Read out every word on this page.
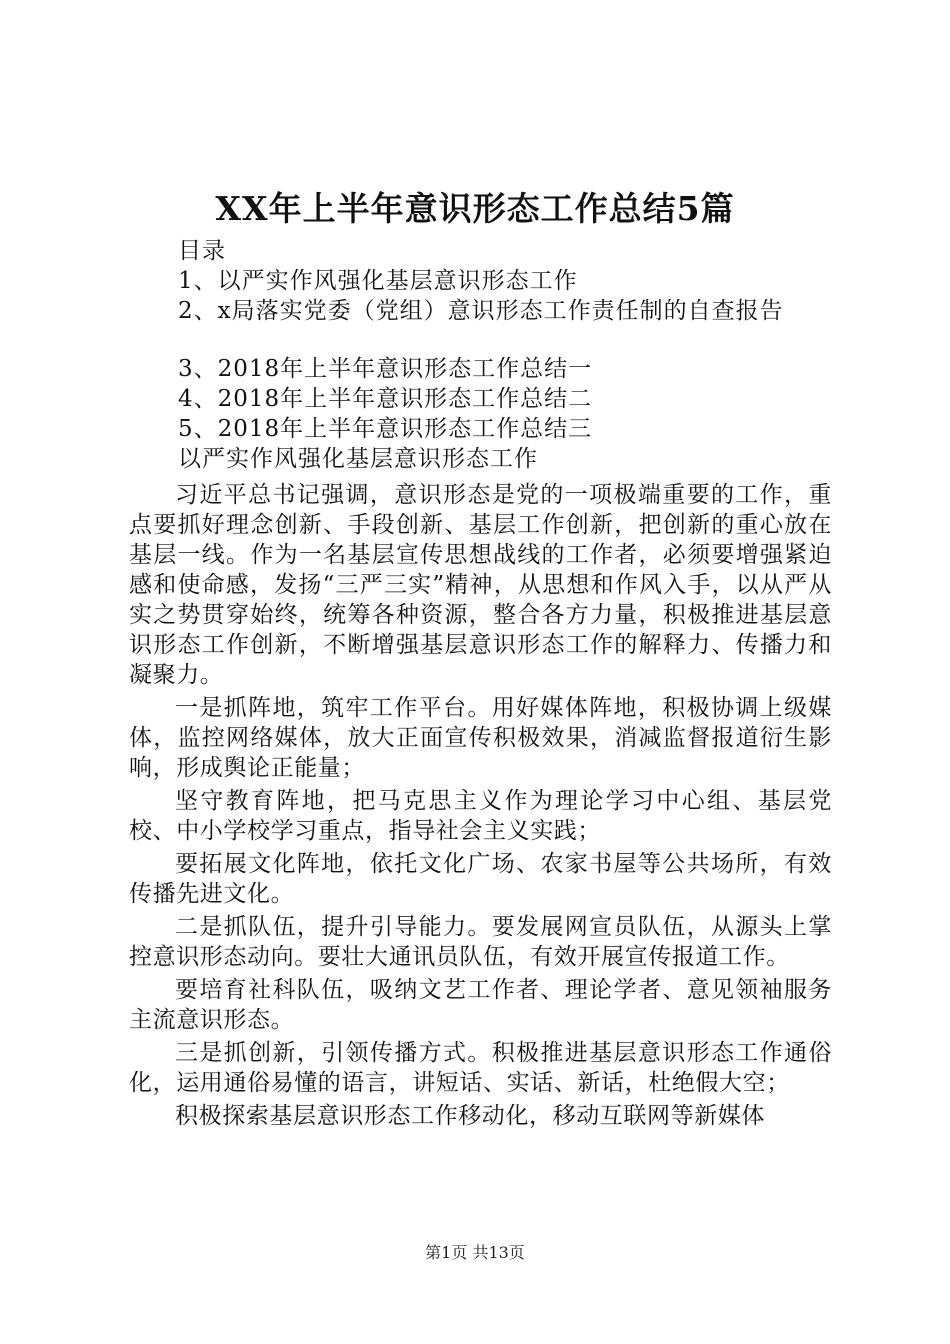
XX年上半年意识形态工作总结5篇
目录
1、以严实作风强化基层意识形态工作
2、x局落实党委（党组）意识形态工作责任制的自查报告
3、2018年上半年意识形态工作总结一
4、2018年上半年意识形态工作总结二
5、2018年上半年意识形态工作总结三
以严实作风强化基层意识形态工作

习近平总书记强调，意识形态是党的一项极端重要的工作，重点要抓好理念创新、手段创新、基层工作创新，把创新的重心放在基层一线。作为一名基层宣传思想战线的工作者，必须要增强紧迫感和使命感，发扬“三严三实”精神，从思想和作风入手，以从严从实之势贯穿始终，统筹各种资源，整合各方力量，积极推进基层意识形态工作创新，不断增强基层意识形态工作的解释力、传播力和凝聚力。

一是抓阵地，筑牢工作平台。用好媒体阵地，积极协调上级媒体，监控网络媒体，放大正面宣传积极效果，消减监督报道衍生影响，形成舆论正能量；

坚守教育阵地，把马克思主义作为理论学习中心组、基层党校、中小学校学习重点，指导社会主义实践；

要拓展文化阵地，依托文化广场、农家书屋等公共场所，有效传播先进文化。

二是抓队伍，提升引导能力。要发展网宣员队伍，从源头上掌控意识形态动向。要壮大通讯员队伍，有效开展宣传报道工作。

要培育社科队伍，吸纳文艺工作者、理论学者、意见领袖服务主流意识形态。

三是抓创新，引领传播方式。积极推进基层意识形态工作通俗化，运用通俗易懂的语言，讲短话、实话、新话，杜绝假大空；

积极探索基层意识形态工作移动化，移动互联网等新媒体

第1页 共13页
